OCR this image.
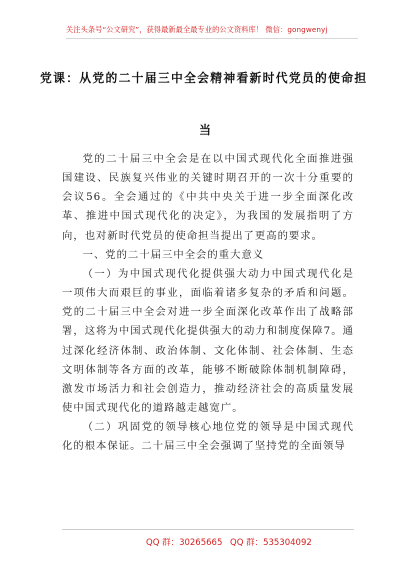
关注头条号“公文研究”，获得最新最全最专业的公文资料库！ 微信：gongwenyj
党课：从党的二十届三中全会精神看新时代党员的使命担
当

党的二十届三中全会是在以中国式现代化全面推进强国建设、民族复兴伟业的关键时期召开的一次十分重要的会议56。全会通过的《中共中央关于进一步全面深化改革、推进中国式现代化的决定》，为我国的发展指明了方向，也对新时代党员的使命担当提出了更高的要求。

一、党的二十届三中全会的重大意义

（一）为中国式现代化提供强大动力中国式现代化是一项伟大而艰巨的事业，面临着诸多复杂的矛盾和问题。党的二十届三中全会对进一步全面深化改革作出了战略部署，这将为中国式现代化提供强大的动力和制度保障7。通过深化经济体制、政治体制、文化体制、社会体制、生态文明体制等各方面的改革，能够不断破除体制机制障碍，激发市场活力和社会创造力，推动经济社会的高质量发展使中国式现代化的道路越走越宽广。

（二）巩固党的领导核心地位党的领导是中国式现代化的根本保证。二十届三中全会强调了坚持党的全面领导

QQ 群：30265665 QQ 群：535304092
